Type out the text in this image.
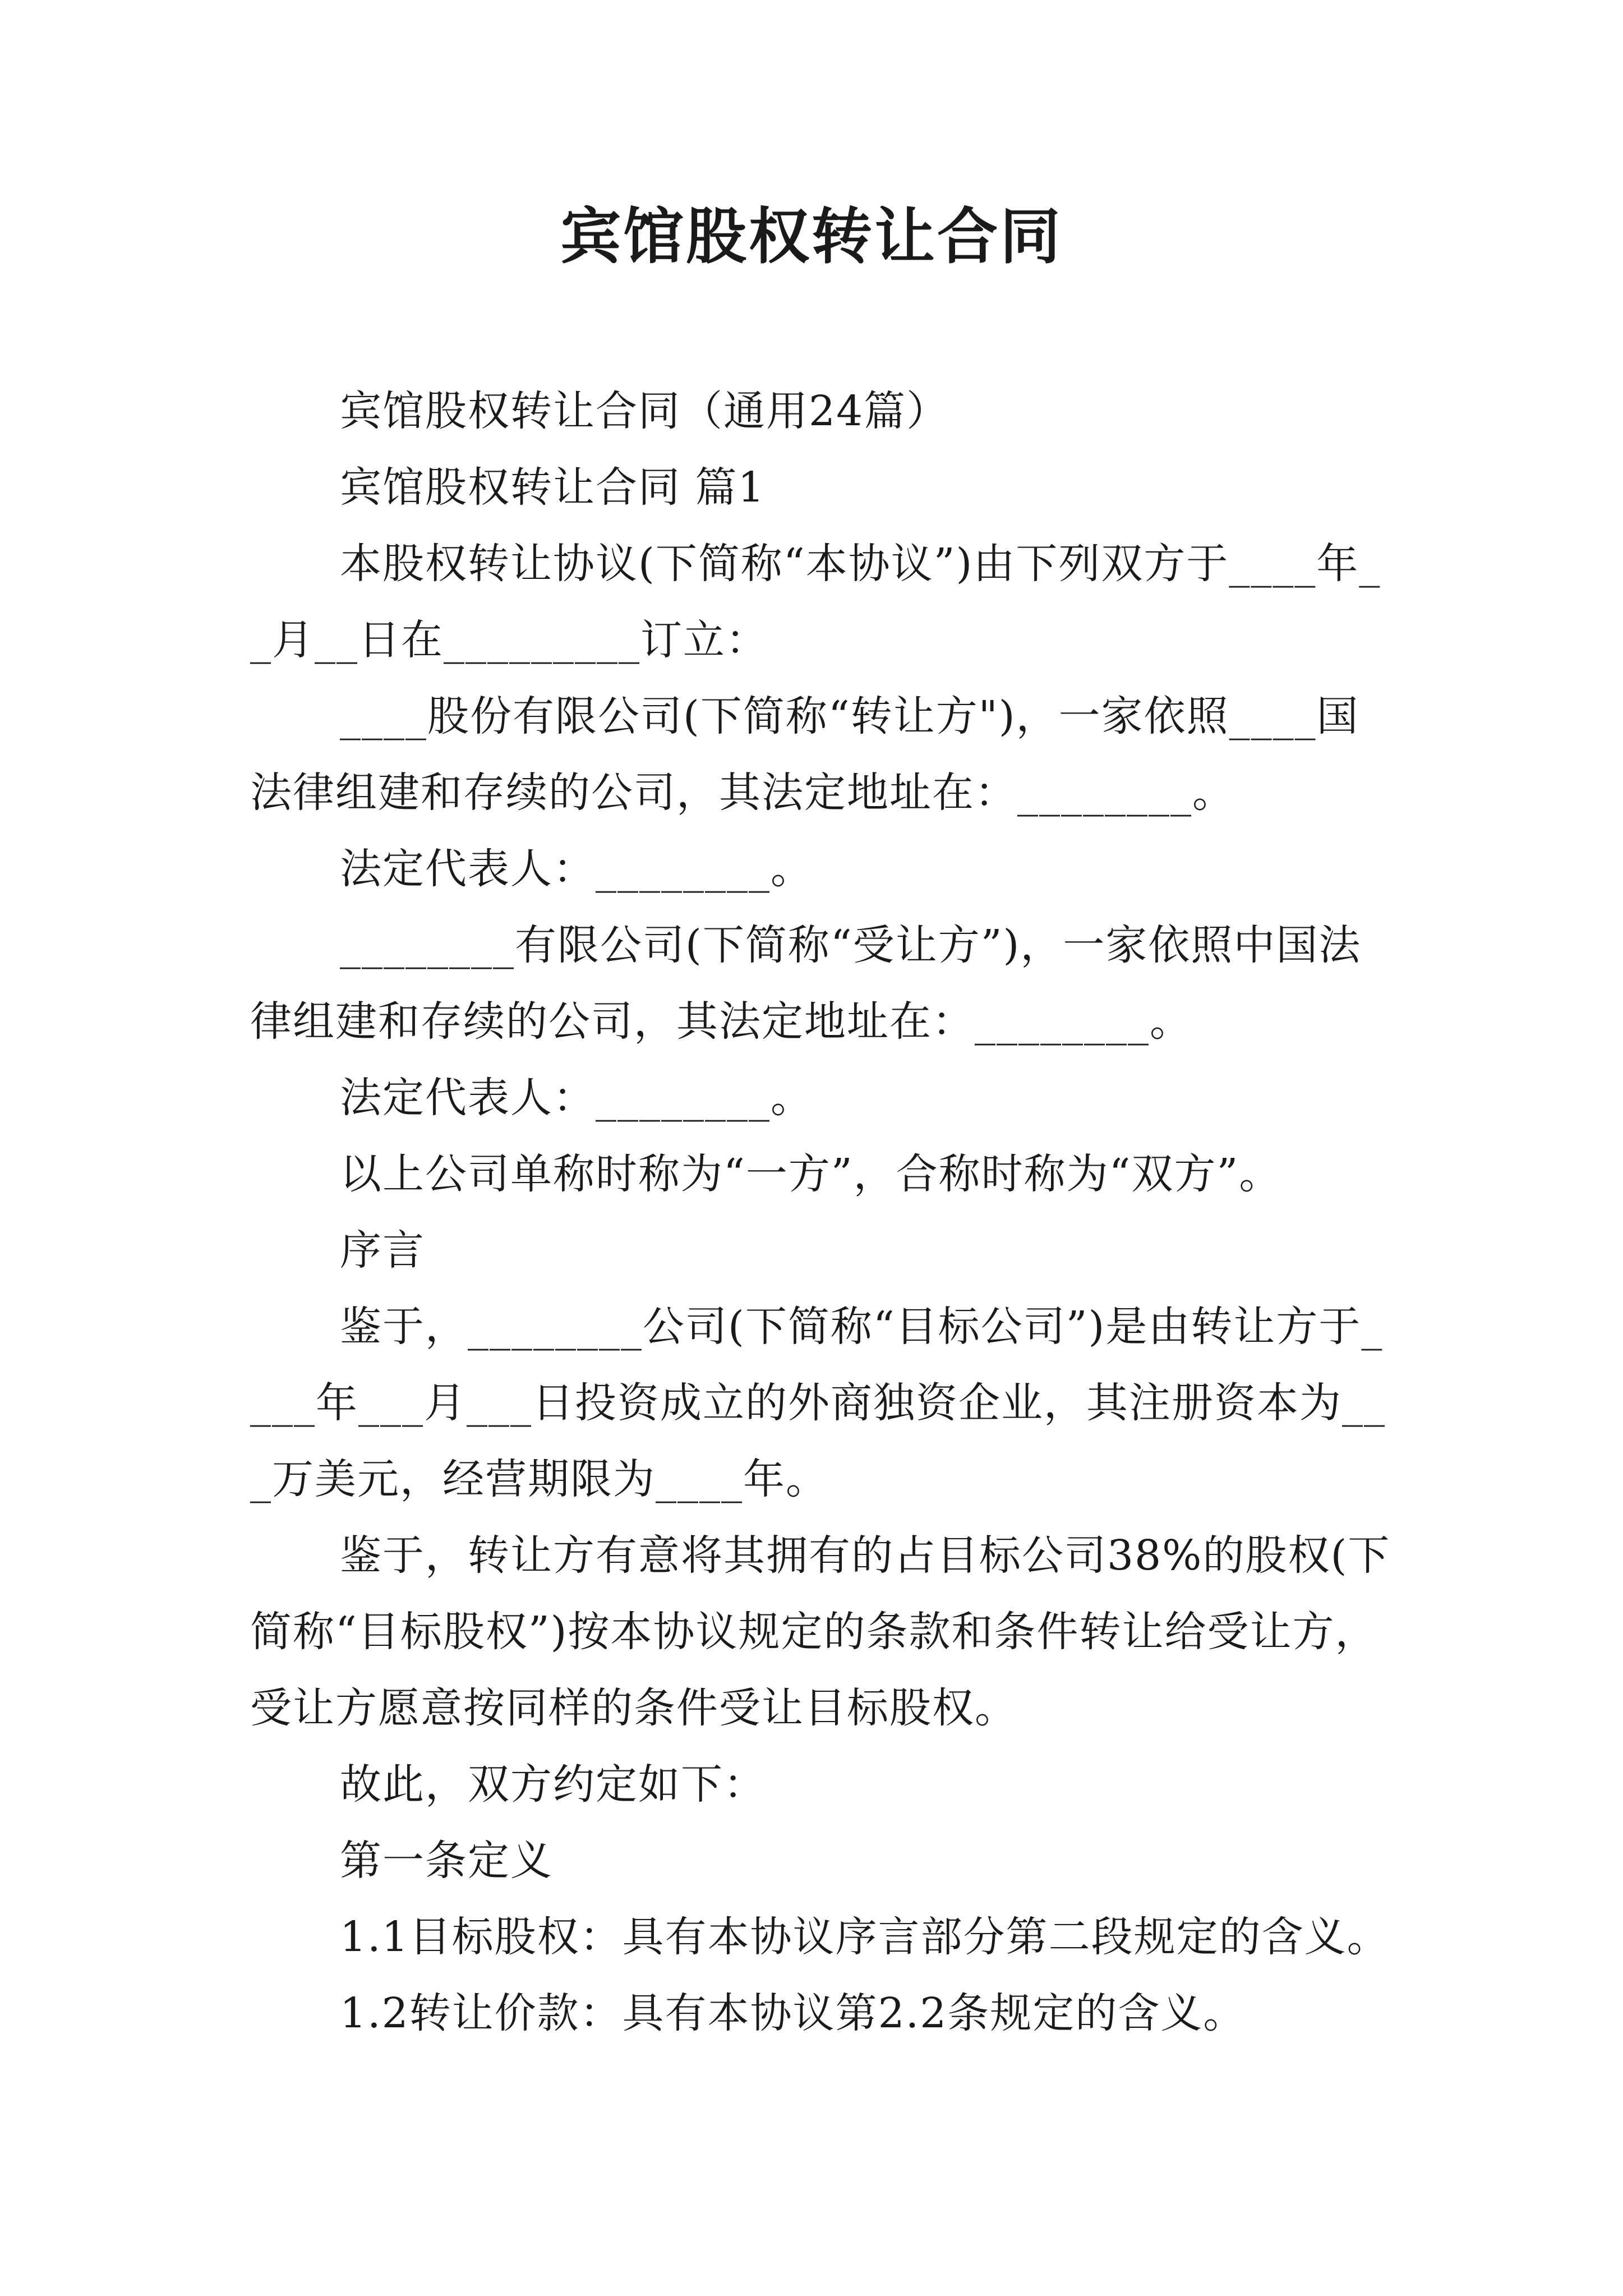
宾馆股权转让合同

宾馆股权转让合同（通用24篇）

宾馆股权转让合同 篇1

本股权转让协议(下简称“本协议”)由下列双方于____年__月__日在_________订立：

____股份有限公司(下简称“转让方")，一家依照____国法律组建和存续的公司，其法定地址在：________。

法定代表人：________。

________有限公司(下简称“受让方”)，一家依照中国法律组建和存续的公司，其法定地址在：________。

法定代表人：________。

以上公司单称时称为“一方”，合称时称为“双方”。

序言

鉴于，________公司(下简称“目标公司”)是由转让方于____年___月___日投资成立的外商独资企业，其注册资本为___万美元，经营期限为____年。

鉴于，转让方有意将其拥有的占目标公司38%的股权(下简称“目标股权”)按本协议规定的条款和条件转让给受让方，受让方愿意按同样的条件受让目标股权。

故此，双方约定如下：

第一条定义

1.1目标股权：具有本协议序言部分第二段规定的含义。

1.2转让价款：具有本协议第2.2条规定的含义。
